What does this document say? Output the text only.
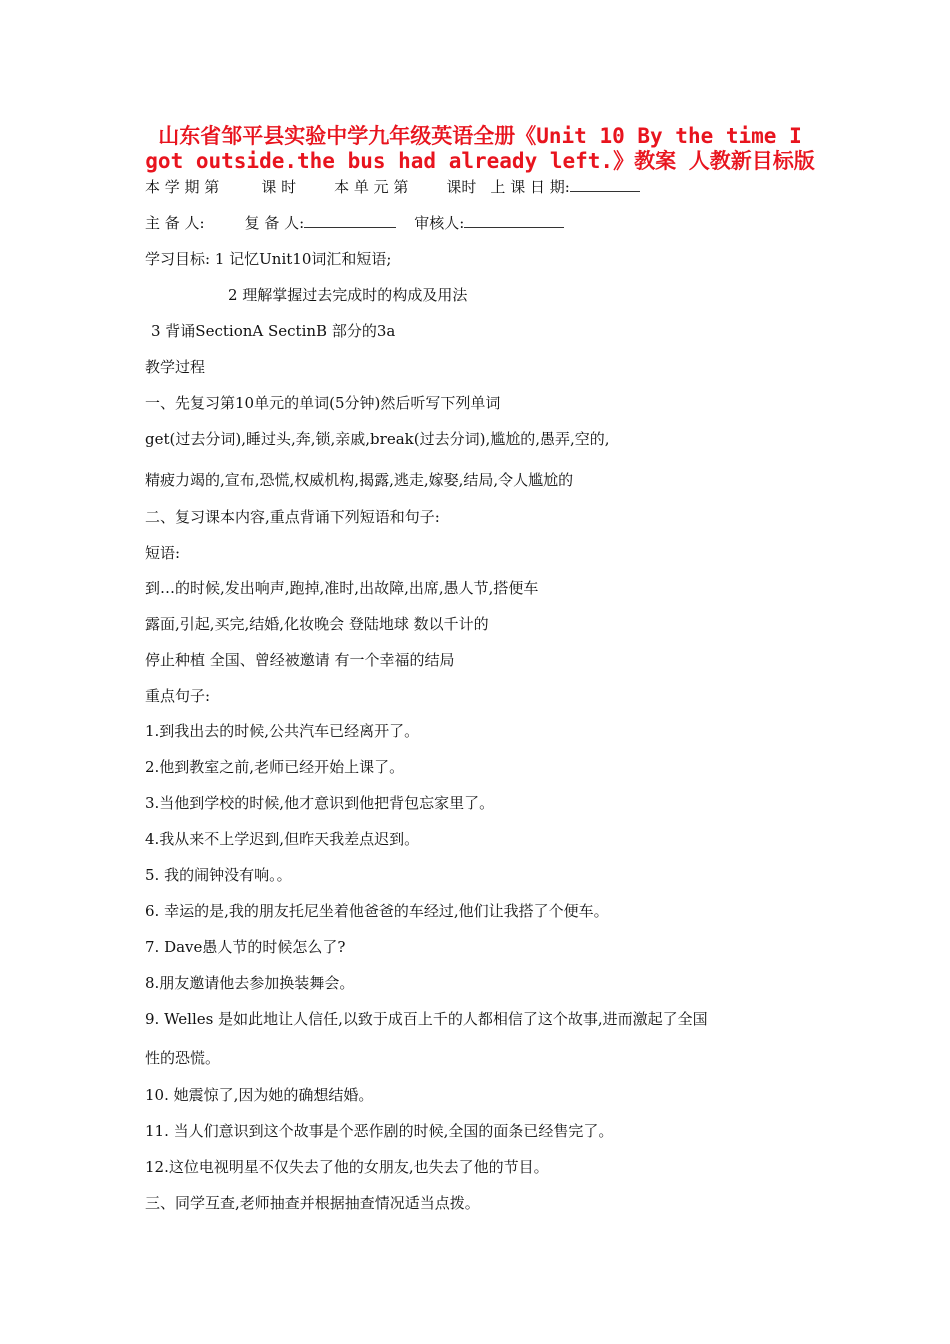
山东省邹平县实验中学九年级英语全册《Unit 10 By the time I
got outside.the bus had already left.》教案 人教新目标版
本 学 期 第	课 时	本 单 元 第	课时 上 课 日 期:
主 备 人:	复 备 人:	审核人:
学习目标: 1 记忆Unit10词汇和短语;
2 理解掌握过去完成时的构成及用法
3 背诵SectionA SectinB 部分的3a
教学过程
一、先复习第10单元的单词(5分钟)然后听写下列单词
get(过去分词),睡过头,奔,锁,亲戚,break(过去分词),尴尬的,愚弄,空的,
精疲力竭的,宣布,恐慌,权威机构,揭露,逃走,嫁娶,结局,令人尴尬的
二、复习课本内容,重点背诵下列短语和句子:
短语:
到…的时候,发出响声,跑掉,准时,出故障,出席,愚人节,搭便车
露面,引起,买完,结婚,化妆晚会 登陆地球 数以千计的
停止种植 全国、曾经被邀请 有一个幸福的结局
重点句子:
1.到我出去的时候,公共汽车已经离开了。
2.他到教室之前,老师已经开始上课了。
3.当他到学校的时候,他才意识到他把背包忘家里了。
4.我从来不上学迟到,但昨天我差点迟到。
5. 我的闹钟没有响。。
6. 幸运的是,我的朋友托尼坐着他爸爸的车经过,他们让我搭了个便车。
7. Dave愚人节的时候怎么了?
8.朋友邀请他去参加换装舞会。
9. Welles 是如此地让人信任,以致于成百上千的人都相信了这个故事,进而激起了全国
性的恐慌。
10. 她震惊了,因为她的确想结婚。
11. 当人们意识到这个故事是个恶作剧的时候,全国的面条已经售完了。
12.这位电视明星不仅失去了他的女朋友,也失去了他的节目。
三、同学互查,老师抽查并根据抽查情况适当点拨。
